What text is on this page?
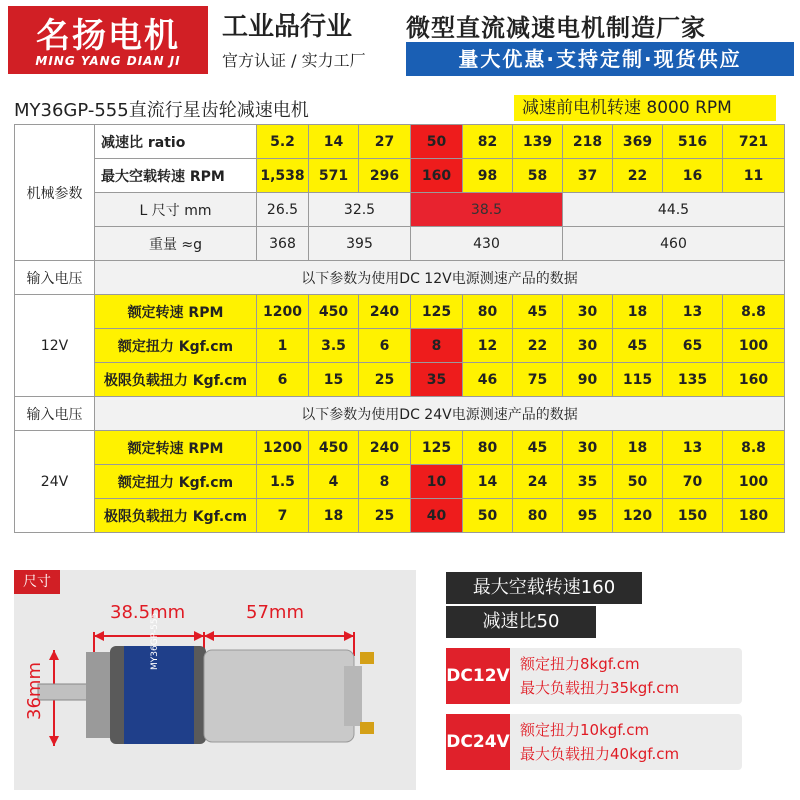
名扬电机
MING YANG DIAN JI
工业品行业
官方认证 / 实力工厂
微型直流减速电机制造厂家
量大优惠·支持定制·现货供应
MY36GP-555直流行星齿轮减速电机	减速前电机转速 8000 RPM
机械参数	减速比 ratio	5.2	14	27	50	82	139	218	369	516	721
	最大空载转速 RPM	1,538	571	296	160	98	58	37	22	16	11
	L 尺寸 mm	26.5	32.5		38.5			44.5			
	重量 ≈g	368	395		430			460			
输入电压	以下参数为使用DC 12V电源测速产品的数据										
12V	额定转速 RPM	1200	450	240	125	80	45	30	18	13	8.8
	额定扭力 Kgf.cm	1	3.5	6	8	12	22	30	45	65	100
	极限负载扭力 Kgf.cm	6	15	25	35	46	75	90	115	135	160
输入电压	以下参数为使用DC 24V电源测速产品的数据										
24V	额定转速 RPM	1200	450	240	125	80	45	30	18	13	8.8
	额定扭力 Kgf.cm	1.5	4	8	10	14	24	35	50	70	100
	极限负载扭力 Kgf.cm	7	18	25	40	50	80	95	120	150	180
尺寸
38.5mm	57mm
36mm
MY36GP-555
最大空载转速160
减速比50
DC12V
额定扭力8kgf.cm
最大负载扭力35kgf.cm
DC24V
额定扭力10kgf.cm
最大负载扭力40kgf.cm
